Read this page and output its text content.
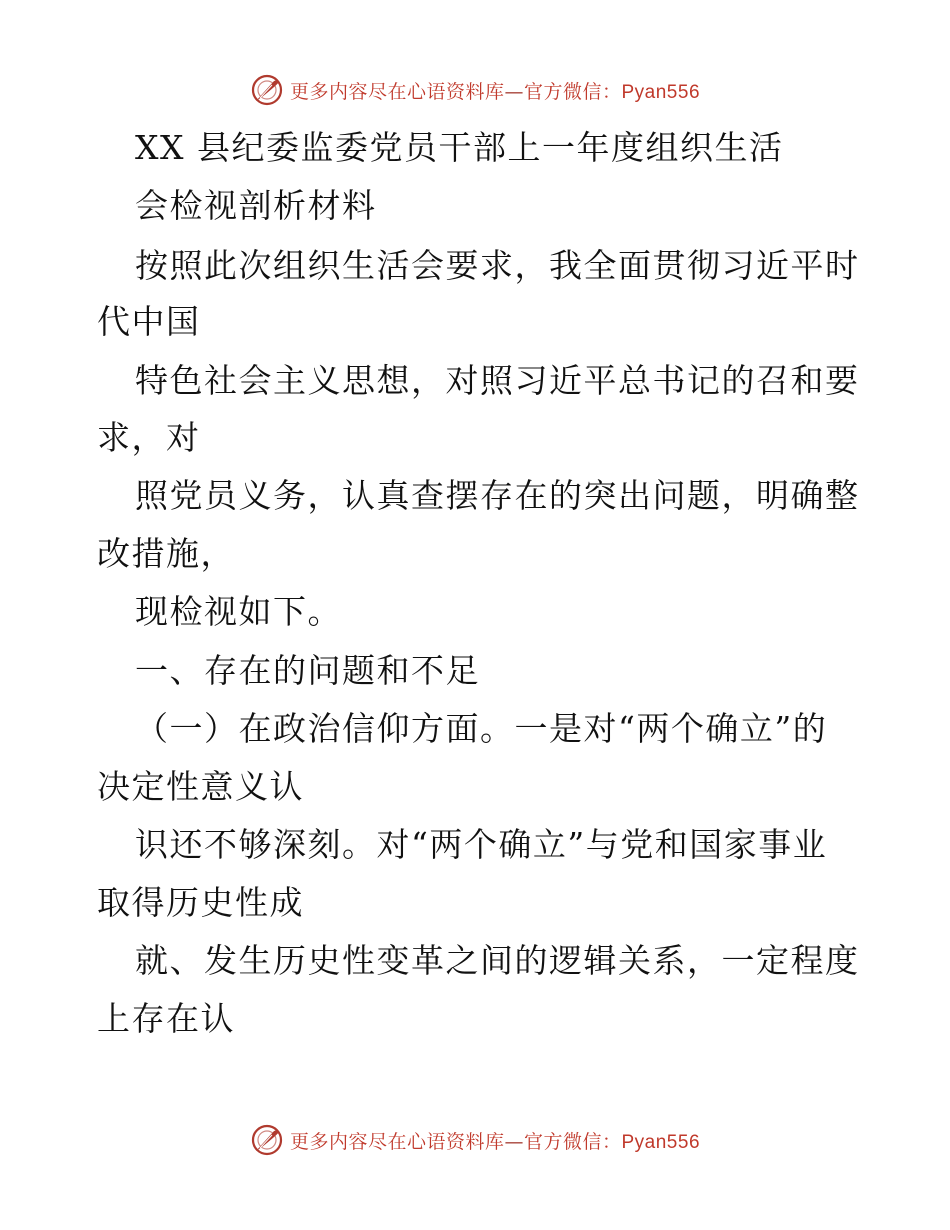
更多内容尽在心语资料库—官方微信：Pyan556
XX 县纪委监委党员干部上一年度组织生活
会检视剖析材料
按照此次组织生活会要求，我全面贯彻习近平时
代中国
特色社会主义思想，对照习近平总书记的召和要
求，对
照党员义务，认真查摆存在的突出问题，明确整
改措施，
现检视如下。
一、存在的问题和不足
（一）在政治信仰方面。一是对“两个确立”的
决定性意义认
识还不够深刻。对“两个确立”与党和国家事业
取得历史性成
就、发生历史性变革之间的逻辑关系，一定程度
上存在认
更多内容尽在心语资料库—官方微信：Pyan556
